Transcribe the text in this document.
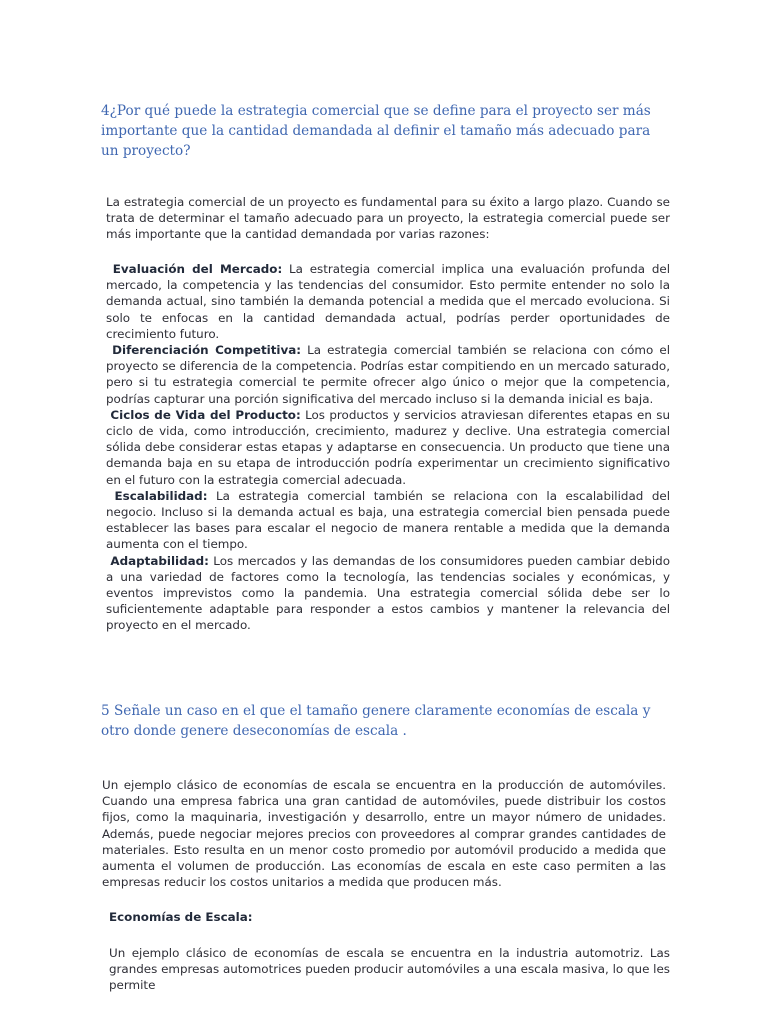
4¿Por qué puede la estrategia comercial que se define para el proyecto ser más importante que la cantidad demandada al definir el tamaño más adecuado para un proyecto?

La estrategia comercial de un proyecto es fundamental para su éxito a largo plazo. Cuando se trata de determinar el tamaño adecuado para un proyecto, la estrategia comercial puede ser más importante que la cantidad demandada por varias razones:

Evaluación del Mercado: La estrategia comercial implica una evaluación profunda del mercado, la competencia y las tendencias del consumidor. Esto permite entender no solo la demanda actual, sino también la demanda potencial a medida que el mercado evoluciona. Si solo te enfocas en la cantidad demandada actual, podrías perder oportunidades de crecimiento futuro.

Diferenciación Competitiva: La estrategia comercial también se relaciona con cómo el proyecto se diferencia de la competencia. Podrías estar compitiendo en un mercado saturado, pero si tu estrategia comercial te permite ofrecer algo único o mejor que la competencia, podrías capturar una porción significativa del mercado incluso si la demanda inicial es baja.

Ciclos de Vida del Producto: Los productos y servicios atraviesan diferentes etapas en su ciclo de vida, como introducción, crecimiento, madurez y declive. Una estrategia comercial sólida debe considerar estas etapas y adaptarse en consecuencia. Un producto que tiene una demanda baja en su etapa de introducción podría experimentar un crecimiento significativo en el futuro con la estrategia comercial adecuada.

Escalabilidad: La estrategia comercial también se relaciona con la escalabilidad del negocio. Incluso si la demanda actual es baja, una estrategia comercial bien pensada puede establecer las bases para escalar el negocio de manera rentable a medida que la demanda aumenta con el tiempo.

Adaptabilidad: Los mercados y las demandas de los consumidores pueden cambiar debido a una variedad de factores como la tecnología, las tendencias sociales y económicas, y eventos imprevistos como la pandemia. Una estrategia comercial sólida debe ser lo suficientemente adaptable para responder a estos cambios y mantener la relevancia del proyecto en el mercado.

5 Señale un caso en el que el tamaño genere claramente economías de escala y otro donde genere deseconomías de escala .

Un ejemplo clásico de economías de escala se encuentra en la producción de automóviles. Cuando una empresa fabrica una gran cantidad de automóviles, puede distribuir los costos fijos, como la maquinaria, investigación y desarrollo, entre un mayor número de unidades. Además, puede negociar mejores precios con proveedores al comprar grandes cantidades de materiales. Esto resulta en un menor costo promedio por automóvil producido a medida que aumenta el volumen de producción. Las economías de escala en este caso permiten a las empresas reducir los costos unitarios a medida que producen más.

Economías de Escala:

Un ejemplo clásico de economías de escala se encuentra en la industria automotriz. Las grandes empresas automotrices pueden producir automóviles a una escala masiva, lo que les permite
